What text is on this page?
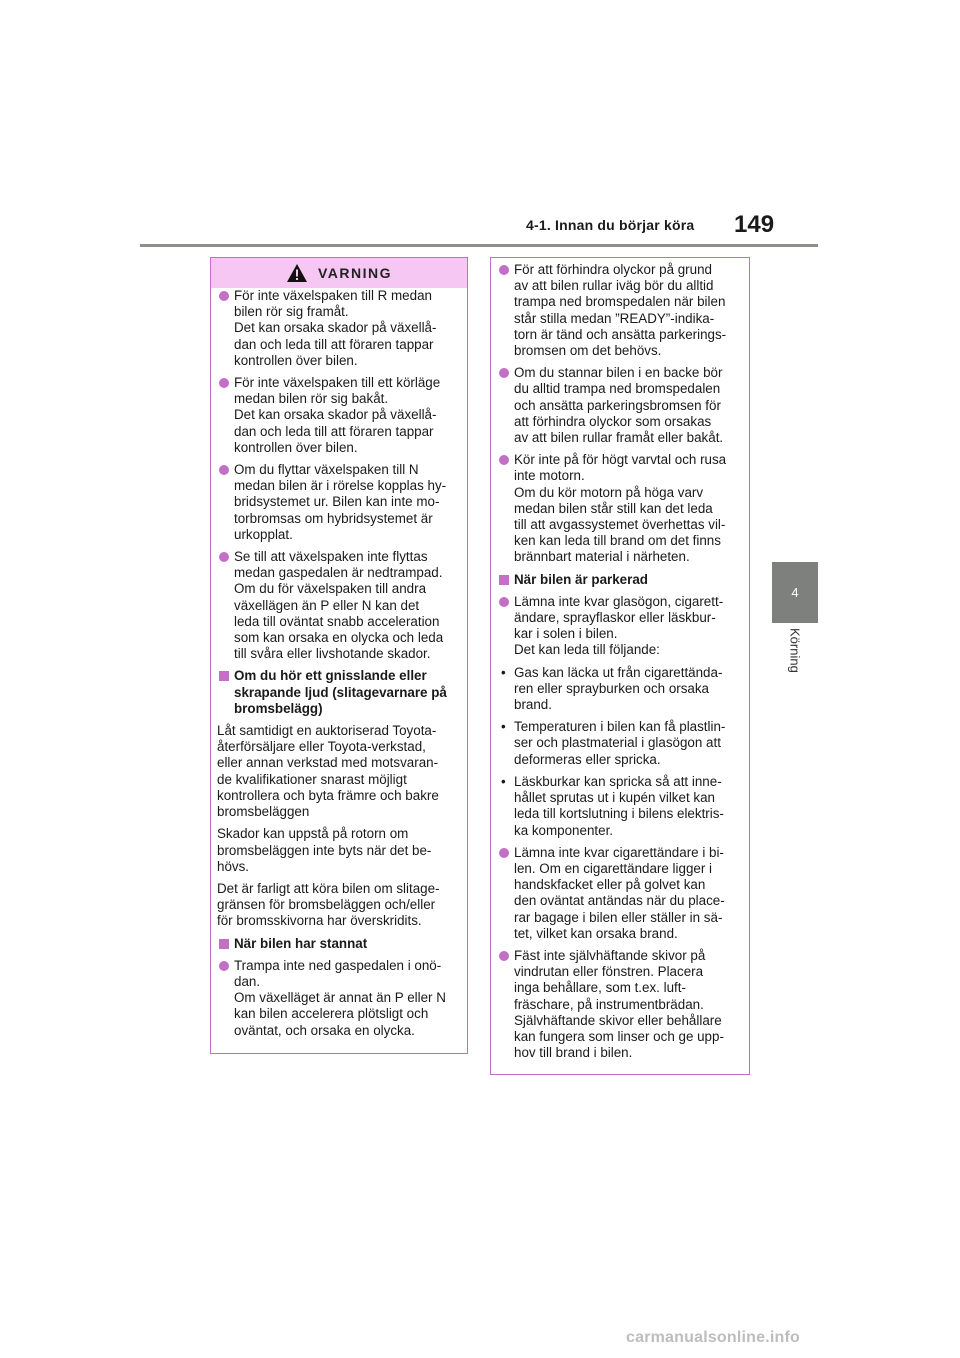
4-1. Innan du börjar köra 149
4
Körning
VARNING
För inte växelspaken till R medan
bilen rör sig framåt.
Det kan orsaka skador på växellå-
dan och leda till att föraren tappar
kontrollen över bilen.
För inte växelspaken till ett körläge
medan bilen rör sig bakåt.
Det kan orsaka skador på växellå-
dan och leda till att föraren tappar
kontrollen över bilen.
Om du flyttar växelspaken till N
medan bilen är i rörelse kopplas hy-
bridsystemet ur. Bilen kan inte mo-
torbromsas om hybridsystemet är
urkopplat.
Se till att växelspaken inte flyttas
medan gaspedalen är nedtrampad.
Om du för växelspaken till andra
växellägen än P eller N kan det
leda till oväntat snabb acceleration
som kan orsaka en olycka och leda
till svåra eller livshotande skador.
Om du hör ett gnisslande eller
skrapande ljud (slitagevarnare på
bromsbelägg)
Låt samtidigt en auktoriserad Toyota-
återförsäljare eller Toyota-verkstad,
eller annan verkstad med motsvaran-
de kvalifikationer snarast möjligt
kontrollera och byta främre och bakre
bromsbeläggen
Skador kan uppstå på rotorn om
bromsbeläggen inte byts när det be-
hövs.
Det är farligt att köra bilen om slitage-
gränsen för bromsbeläggen och/eller
för bromsskivorna har överskridits.
När bilen har stannat
Trampa inte ned gaspedalen i onö-
dan.
Om växelläget är annat än P eller N
kan bilen accelerera plötsligt och
oväntat, och orsaka en olycka.
För att förhindra olyckor på grund
av att bilen rullar iväg bör du alltid
trampa ned bromspedalen när bilen
står stilla medan ”READY”-indika-
torn är tänd och ansätta parkerings-
bromsen om det behövs.
Om du stannar bilen i en backe bör
du alltid trampa ned bromspedalen
och ansätta parkeringsbromsen för
att förhindra olyckor som orsakas
av att bilen rullar framåt eller bakåt.
Kör inte på för högt varvtal och rusa
inte motorn.
Om du kör motorn på höga varv
medan bilen står still kan det leda
till att avgassystemet överhettas vil-
ken kan leda till brand om det finns
brännbart material i närheten.
När bilen är parkerad
Lämna inte kvar glasögon, cigarett-
ändare, sprayflaskor eller läskbur-
kar i solen i bilen.
Det kan leda till följande:
• Gas kan läcka ut från cigarettända-
ren eller sprayburken och orsaka
brand.
• Temperaturen i bilen kan få plastlin-
ser och plastmaterial i glasögon att
deformeras eller spricka.
• Läskburkar kan spricka så att inne-
hållet sprutas ut i kupén vilket kan
leda till kortslutning i bilens elektris-
ka komponenter.
Lämna inte kvar cigarettändare i bi-
len. Om en cigarettändare ligger i
handskfacket eller på golvet kan
den oväntat antändas när du place-
rar bagage i bilen eller ställer in sä-
tet, vilket kan orsaka brand.
Fäst inte självhäftande skivor på
vindrutan eller fönstren. Placera
inga behållare, som t.ex. luft-
fräschare, på instrumentbrädan.
Självhäftande skivor eller behållare
kan fungera som linser och ge upp-
hov till brand i bilen.
carmanualsonline.info
